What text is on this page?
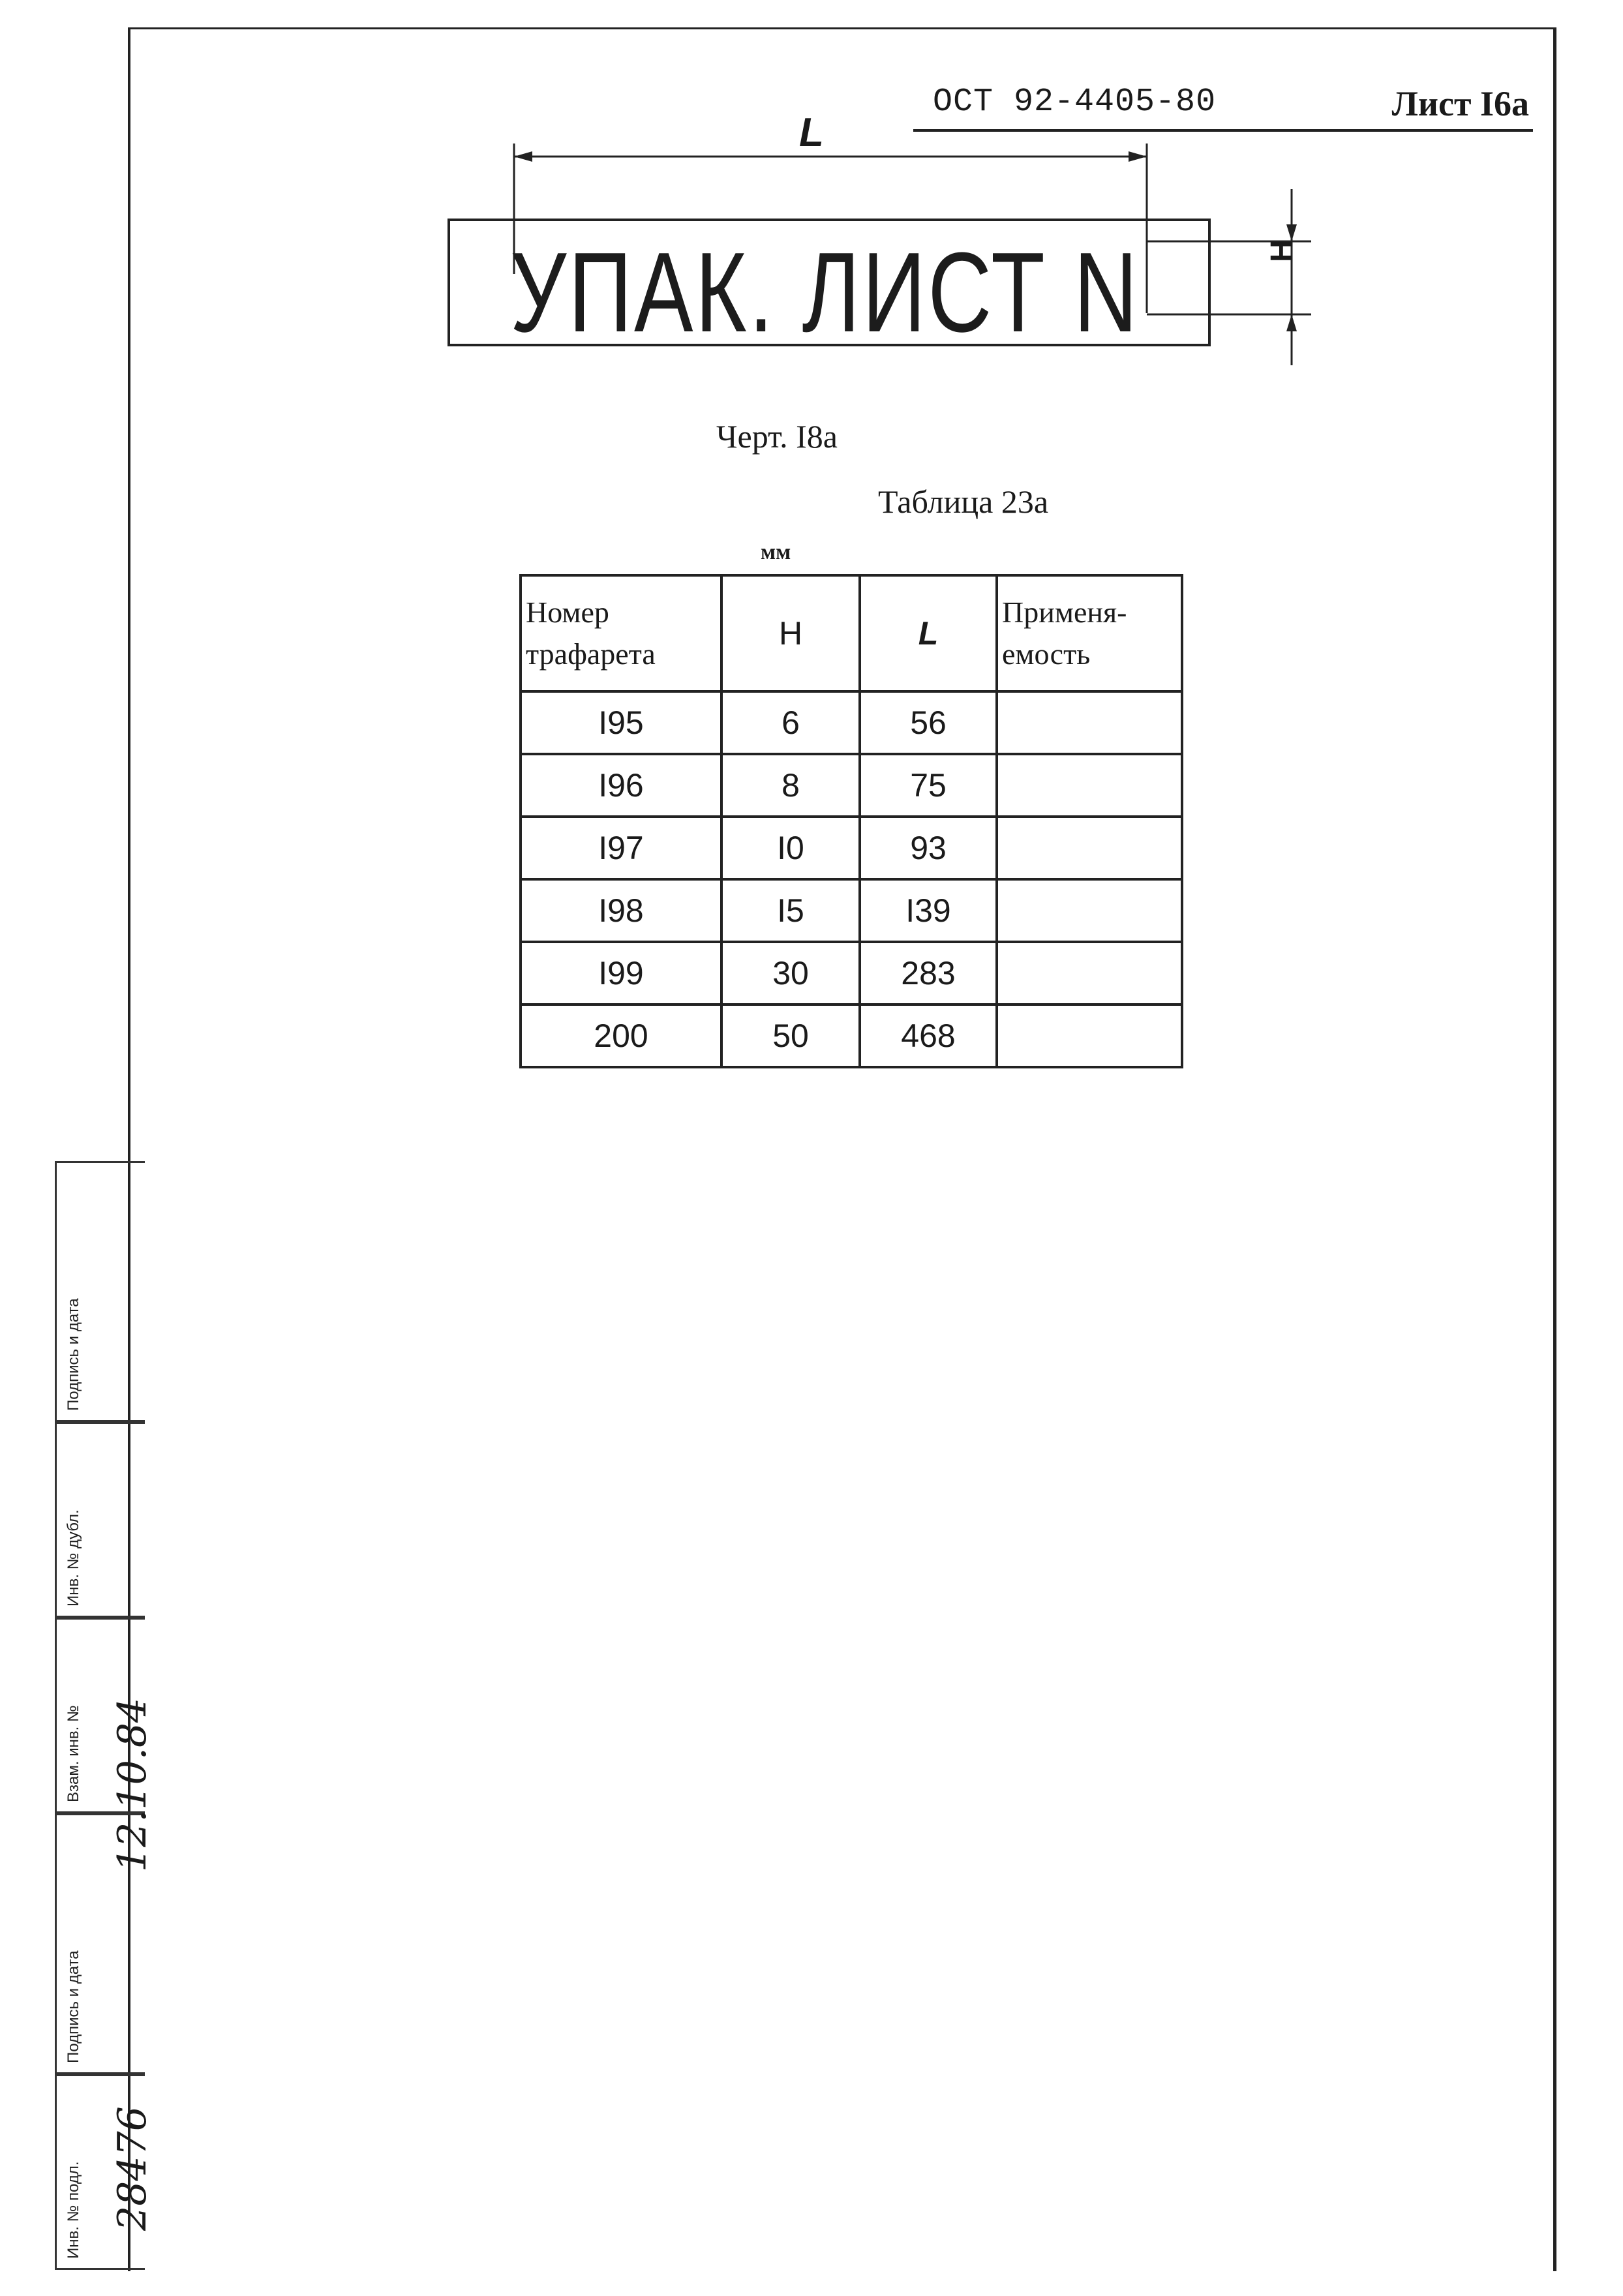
ОСТ 92-4405-80	Лист I6а
УПАК. ЛИСТ N
L
H
Черт. I8а
Таблица 23а
мм
Номер
трафарета	Н	L	Применя-
емость
I95	6	56	
I96	8	75	
I97	I0	93	
I98	I5	I39	
I99	30	283	
200	50	468	
Подпись и дата
Инв. № дубл.
Взам. инв. №
Подпись и дата
Инв. № подл.
12.10.84
28476
